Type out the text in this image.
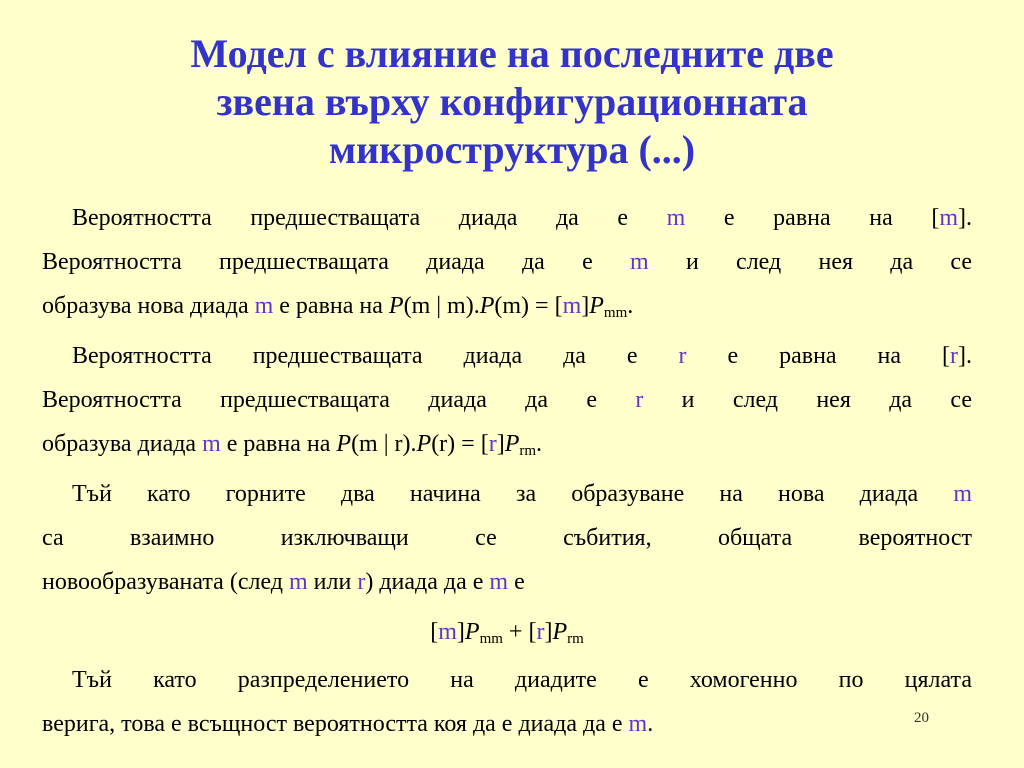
Модел с влияние на последните две
звена върху конфигурационната
микроструктура (...)
Вероятността предшестващата диада да е m е равна на [m].
Вероятността предшестващата диада да е m и след нея да се
образува нова диада m е равна на P(m | $m).P(m) = [m]P_{mm}$.
Вероятността предшестващата диада да е r е равна на [r].
Вероятността предшестващата диада да е r и след нея да се
образува диада m е равна на P(m | $r).P(r) = [r]P_{rm}$.
Тъй като горните два начина за образуване на нова диада m
са взаимно изключващи се събития, общата вероятност
новообразуваната (след m или r) диада да е m е
$[m]P_{mm} + [r]P_{rm}$
Тъй като разпределението на диадите е хомогенно по цялата
верига, това е всъщност вероятността коя да е диада да е m.	20
